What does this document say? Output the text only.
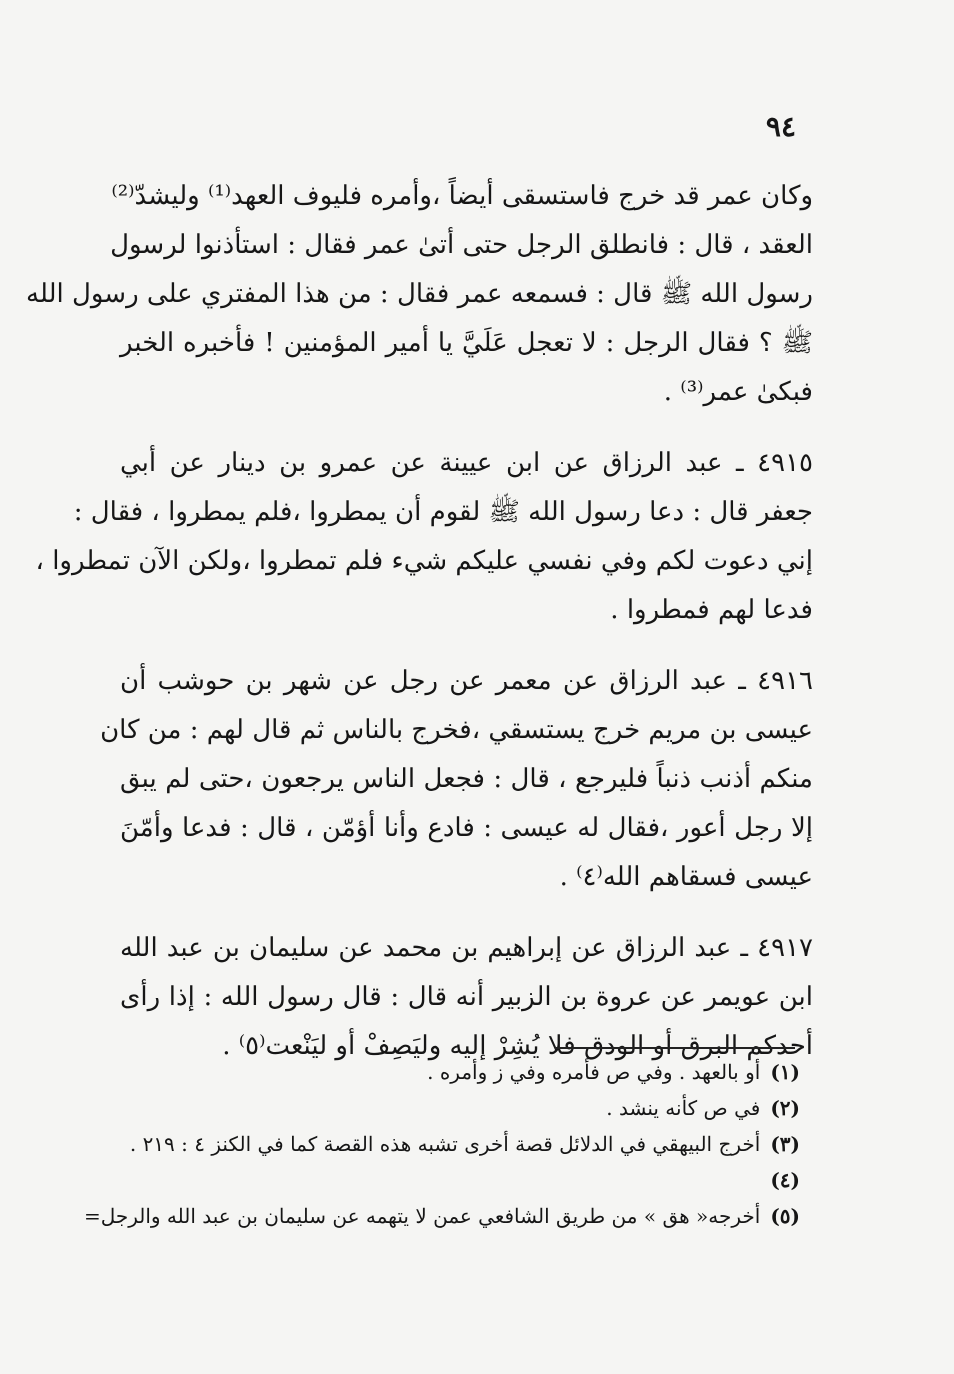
٩٤
وكان عمر قد خرج فاستسقى أيضاً ،وأمره فليوف العهد⁽¹⁾ وليشدّ⁽²⁾
العقد ، قال : فانطلق الرجل حتى أتىٰ عمر فقال : استأذنوا لرسول
رسول الله ﷺ قال : فسمعه عمر فقال : من هذا المفتري على رسول الله
ﷺ ؟ فقال الرجل : لا تعجل عَلَيَّ يا أمير المؤمنين ! فأخبره الخبر
فبكىٰ عمر⁽³⁾ .
٤٩١٥ ـ عبد الرزاق عن ابن عيينة عن عمرو بن دينار عن أبي
جعفر قال : دعا رسول الله ﷺ لقوم أن يمطروا ،فلم يمطروا ، فقال :
إني دعوت لكم وفي نفسي عليكم شيء فلم تمطروا ،ولكن الآن تمطروا ،
فدعا لهم فمطروا .
٤٩١٦ ـ عبد الرزاق عن معمر عن رجل عن شهر بن حوشب أن
عيسى بن مريم خرج يستسقي ،فخرج بالناس ثم قال لهم : من كان
منكم أذنب ذنباً فليرجع ، قال : فجعل الناس يرجعون ،حتى لم يبق
إلا رجل أعور ،فقال له عيسى : فادع وأنا أؤمّن ، قال : فدعا وأمّنَ
عيسى فسقاهم الله⁽٤⁾ .
٤٩١٧ ـ عبد الرزاق عن إبراهيم بن محمد عن سليمان بن عبد الله
ابن عويمر عن عروة بن الزبير أنه قال : قال رسول الله : إذا رأى
أحدكم البرق أو الودق فلا يُشِرْ إليه وليَصِفْ أو ليَنْعت⁽٥⁾ .
(١)أو بالعهد . وفي ص فأمره وفي ز وأمره .
(٢)في ص كأنه ينشد .
(٣)أخرج البيهقي في الدلائل قصة أخرى تشبه هذه القصة كما في الكنز ٤ : ٢١٩ .
(٤)
(٥)أخرجه« هق » من طريق الشافعي عمن لا يتهمه عن سليمان بن عبد الله والرجل=
